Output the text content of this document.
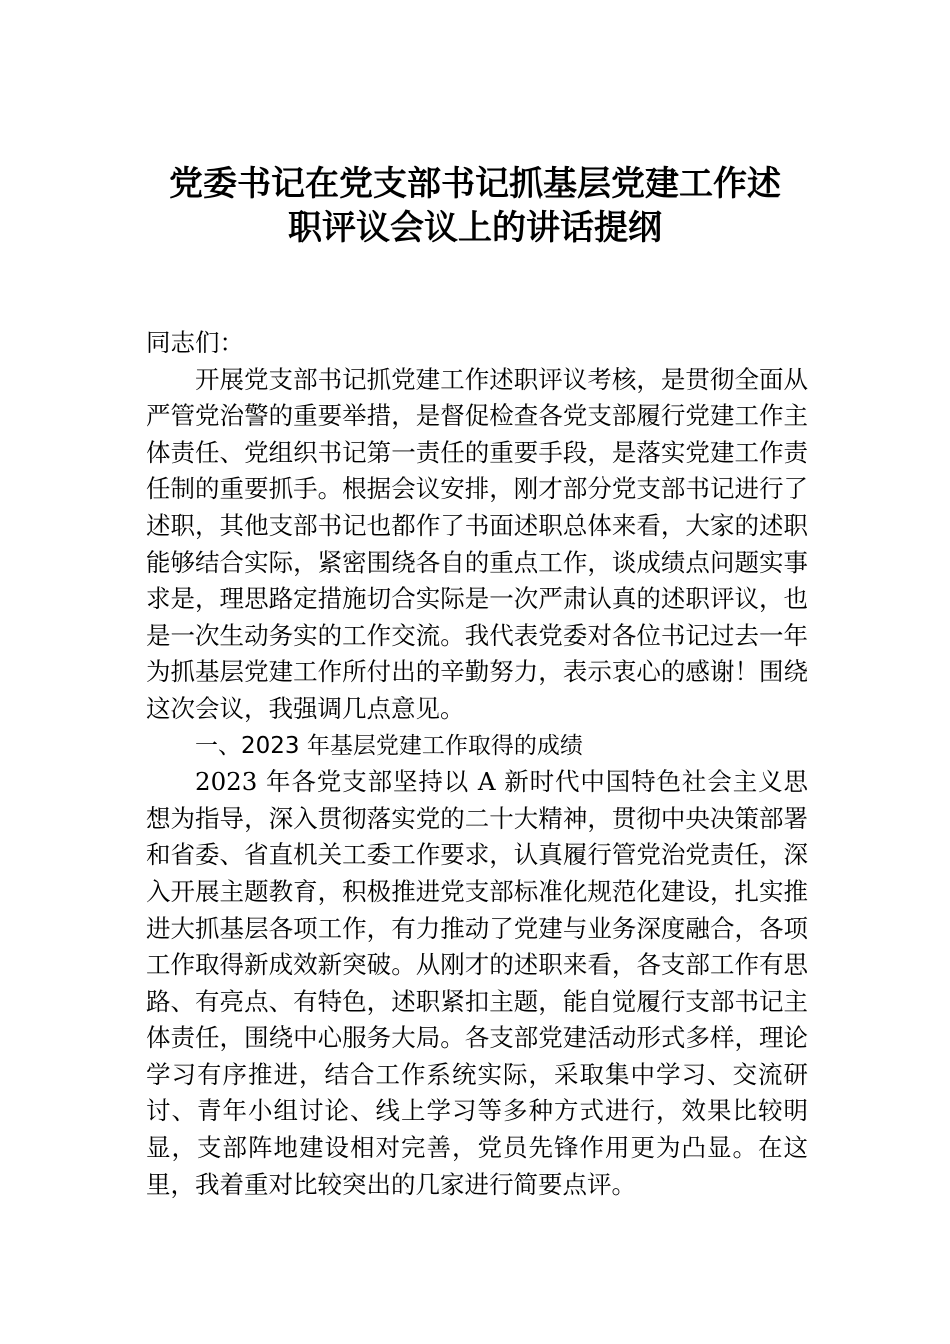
党委书记在党支部书记抓基层党建工作述
职评议会议上的讲话提纲

同志们：

开展党支部书记抓党建工作述职评议考核，是贯彻全面从严管党治警的重要举措，是督促检查各党支部履行党建工作主体责任、党组织书记第一责任的重要手段，是落实党建工作责任制的重要抓手。根据会议安排，刚才部分党支部书记进行了述职，其他支部书记也都作了书面述职总体来看，大家的述职能够结合实际，紧密围绕各自的重点工作，谈成绩点问题实事求是，理思路定措施切合实际是一次严肃认真的述职评议，也是一次生动务实的工作交流。我代表党委对各位书记过去一年为抓基层党建工作所付出的辛勤努力，表示衷心的感谢！围绕这次会议，我强调几点意见。

一、2023 年基层党建工作取得的成绩

2023 年各党支部坚持以 A 新时代中国特色社会主义思想为指导，深入贯彻落实党的二十大精神，贯彻中央决策部署和省委、省直机关工委工作要求，认真履行管党治党责任，深入开展主题教育，积极推进党支部标准化规范化建设，扎实推进大抓基层各项工作，有力推动了党建与业务深度融合，各项工作取得新成效新突破。从刚才的述职来看，各支部工作有思路、有亮点、有特色，述职紧扣主题，能自觉履行支部书记主体责任，围绕中心服务大局。各支部党建活动形式多样，理论学习有序推进，结合工作系统实际，采取集中学习、交流研讨、青年小组讨论、线上学习等多种方式进行，效果比较明显，支部阵地建设相对完善，党员先锋作用更为凸显。在这里，我着重对比较突出的几家进行简要点评。
